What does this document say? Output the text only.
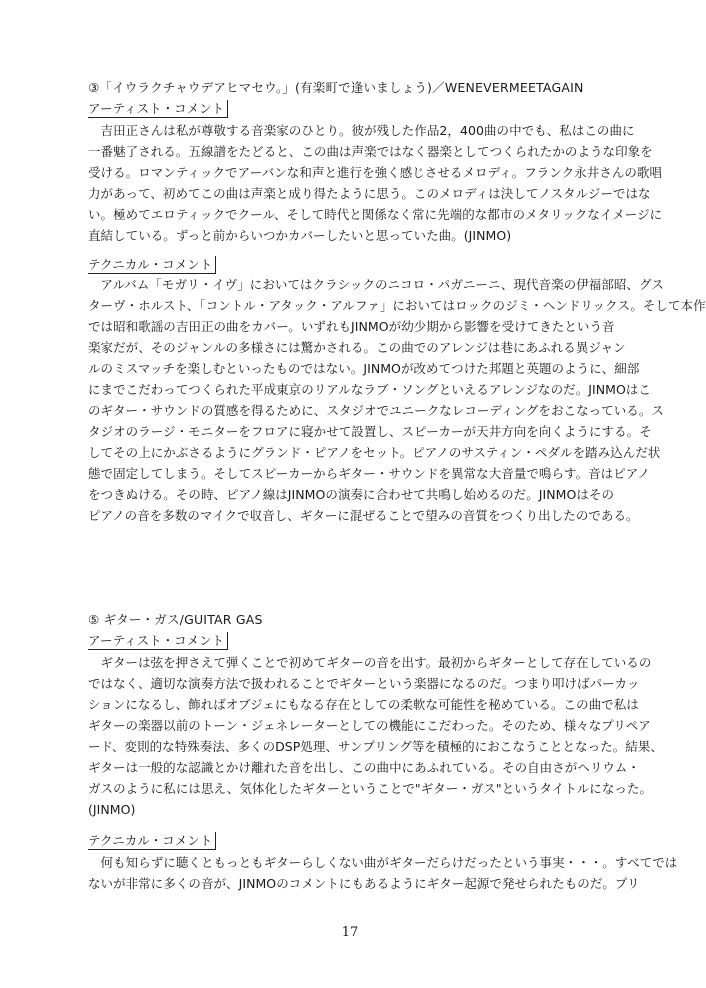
③「イウラクチャウデアヒマセウ。」(有楽町で逢いましょう)／WENEVERMEETAGAIN
アーティスト・コメント
　吉田正さんは私が尊敬する音楽家のひとり。彼が残した作品2，400曲の中でも、私はこの曲に
一番魅了される。五線譜をたどると、この曲は声楽ではなく器楽としてつくられたかのような印象を
受ける。ロマンティックでアーバンな和声と進行を強く感じさせるメロディ。フランク永井さんの歌唱
力があって、初めてこの曲は声楽と成り得たように思う。このメロディは決してノスタルジーではな
い。極めてエロティックでクール、そして時代と関係なく常に先端的な都市のメタリックなイメージに
直結している。ずっと前からいつかカバーしたいと思っていた曲。(JINMO)
テクニカル・コメント
　アルバム「モガリ・イヴ」においてはクラシックのニコロ・パガニーニ、現代音楽の伊福部昭、グス
ターヴ・ホルスト、「コントル・アタック・アルファ」においてはロックのジミ・ヘンドリックス。そして本作
では昭和歌謡の吉田正の曲をカバー。いずれもJINMOが幼少期から影響を受けてきたという音
楽家だが、そのジャンルの多様さには驚かされる。この曲でのアレンジは巷にあふれる異ジャン
ルのミスマッチを楽しむといったものではない。JINMOが改めてつけた邦題と英題のように、細部
にまでこだわってつくられた平成東京のリアルなラブ・ソングといえるアレンジなのだ。JINMOはこ
のギター・サウンドの質感を得るために、スタジオでユニークなレコーディングをおこなっている。ス
タジオのラージ・モニターをフロアに寝かせて設置し、スピーカーが天井方向を向くようにする。そ
してその上にかぶさるようにグランド・ピアノをセット。ピアノのサスティン・ペダルを踏み込んだ状
態で固定してしまう。そしてスピーカーからギター・サウンドを異常な大音量で鳴らす。音はピアノ
をつきぬける。その時、ピアノ線はJINMOの演奏に合わせて共鳴し始めるのだ。JINMOはその
ピアノの音を多数のマイクで収音し、ギターに混ぜることで望みの音質をつくり出したのである。
⑤ ギター・ガス/GUITAR GAS
アーティスト・コメント
　ギターは弦を押さえて弾くことで初めてギターの音を出す。最初からギターとして存在しているの
ではなく、適切な演奏方法で扱われることでギターという楽器になるのだ。つまり叩けばパーカッ
ションになるし、飾ればオブジェにもなる存在としての柔軟な可能性を秘めている。この曲で私は
ギターの楽器以前のトーン・ジェネレーターとしての機能にこだわった。そのため、様々なプリペア
ード、変則的な特殊奏法、多くのDSP処理、サンプリング等を積極的におこなうこととなった。結果、
ギターは一般的な認識とかけ離れた音を出し、この曲中にあふれている。その自由さがヘリウム・
ガスのように私には思え、気体化したギターということで"ギター・ガス"というタイトルになった。
(JINMO)
テクニカル・コメント
　何も知らずに聴くともっともギターらしくない曲がギターだらけだったという事実・・・。すべてでは
ないが非常に多くの音が、JINMOのコメントにもあるようにギター起源で発せられたものだ。プリ
17
